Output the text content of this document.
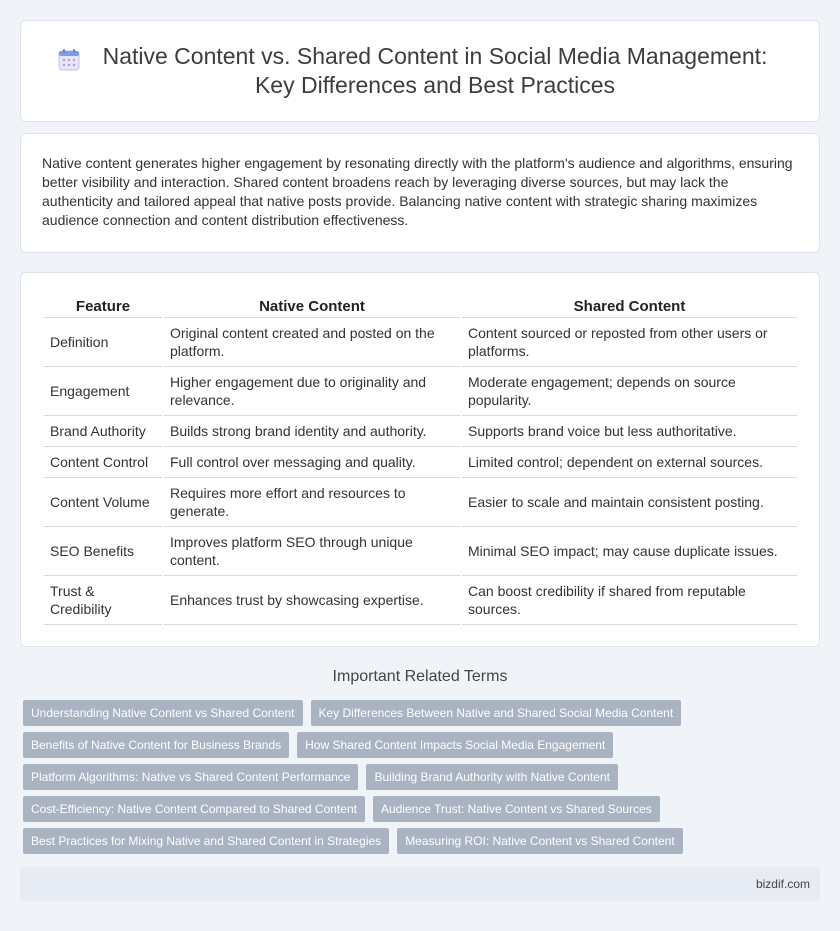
Native Content vs. Shared Content in Social Media Management: Key Differences and Best Practices

Native content generates higher engagement by resonating directly with the platform's audience and algorithms, ensuring better visibility and interaction. Shared content broadens reach by leveraging diverse sources, but may lack the authenticity and tailored appeal that native posts provide. Balancing native content with strategic sharing maximizes audience connection and content distribution effectiveness.

Feature	Native Content	Shared Content
Definition	Original content created and posted on the platform.	Content sourced or reposted from other users or platforms.
Engagement	Higher engagement due to originality and relevance.	Moderate engagement; depends on source popularity.
Brand Authority	Builds strong brand identity and authority.	Supports brand voice but less authoritative.
Content Control	Full control over messaging and quality.	Limited control; dependent on external sources.
Content Volume	Requires more effort and resources to generate.	Easier to scale and maintain consistent posting.
SEO Benefits	Improves platform SEO through unique content.	Minimal SEO impact; may cause duplicate issues.
Trust & Credibility	Enhances trust by showcasing expertise.	Can boost credibility if shared from reputable sources.
Important Related Terms
Understanding Native Content vs Shared Content	Key Differences Between Native and Shared Social Media Content
Benefits of Native Content for Business Brands	How Shared Content Impacts Social Media Engagement
Platform Algorithms: Native vs Shared Content Performance	Building Brand Authority with Native Content
Cost-Efficiency: Native Content Compared to Shared Content	Audience Trust: Native Content vs Shared Sources
Best Practices for Mixing Native and Shared Content in Strategies	Measuring ROI: Native Content vs Shared Content
bizdif.com
